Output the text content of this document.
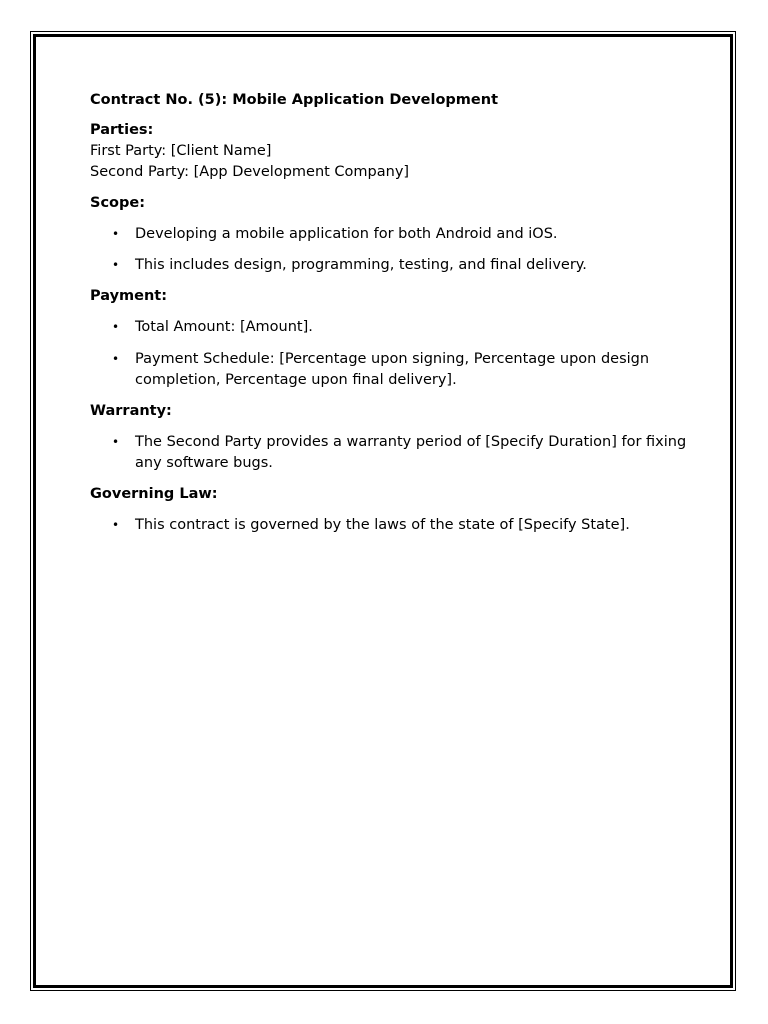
Contract No. (5): Mobile Application Development
Parties:
First Party: [Client Name]
Second Party: [App Development Company]
Scope:
• Developing a mobile application for both Android and iOS.
• This includes design, programming, testing, and final delivery.
Payment:
• Total Amount: [Amount].
• Payment Schedule: [Percentage upon signing, Percentage upon design completion, Percentage upon final delivery].
Warranty:
• The Second Party provides a warranty period of [Specify Duration] for fixing any software bugs.
Governing Law:
• This contract is governed by the laws of the state of [Specify State].
